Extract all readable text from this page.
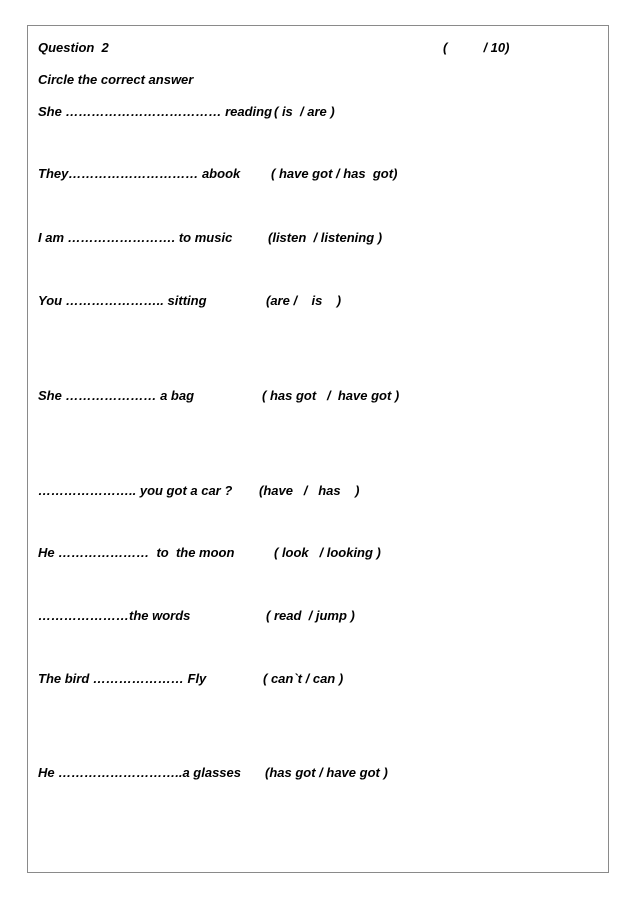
Question  2	(          / 10)
Circle the correct answer
She ……………………………… reading ( is  / are )
They………………………… abook ( have got / has  got)
I am ……………………. to music	(listen  / listening )
You ………………….. sitting	(are /    is    )
She ………………… a bag	( has got   /  have got )
………………….. you got a car ? (have   /   has    )
He …………………  to  the moon	( look   / looking )
…………………the words	( read  / jump )
The bird ………………… Fly	( can`t / can )
He ………………………..a glasses (has got / have got )
